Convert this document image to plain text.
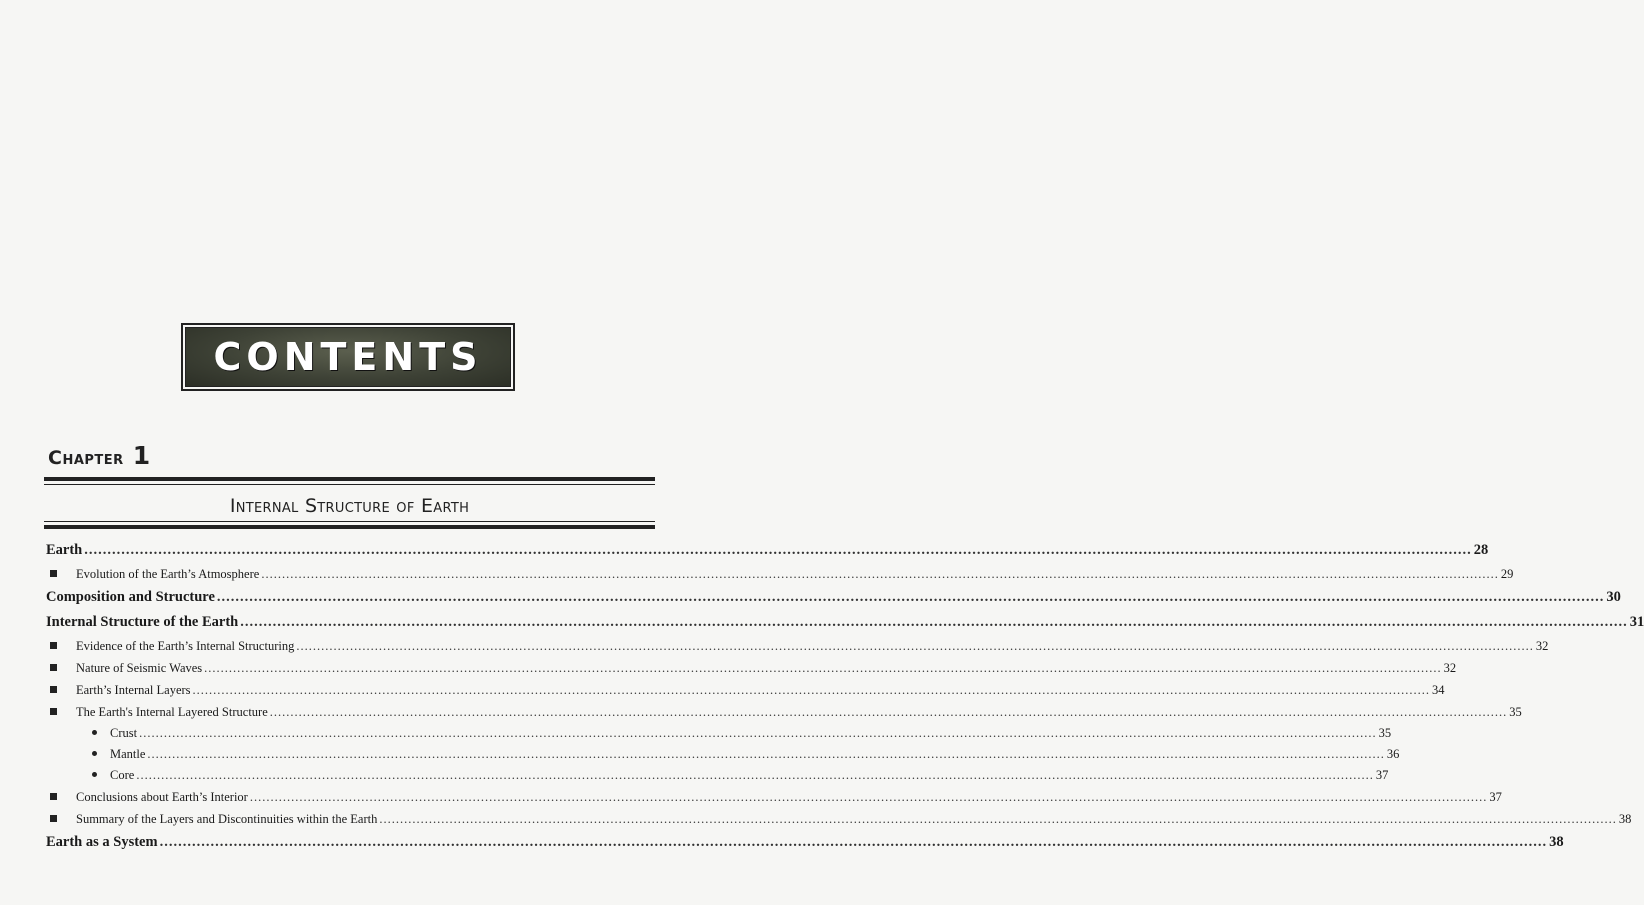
CONTENTS
Chapter 1
Internal Structure of Earth
Earth ............................................................................................................................................................................................................................................................................................................ 28
Evolution of the Earth’s Atmosphere ............................................................................................................................................................................................................................................................................................................ 29
Composition and Structure ............................................................................................................................................................................................................................................................................................................ 30
Internal Structure of the Earth ............................................................................................................................................................................................................................................................................................................ 31
Evidence of the Earth’s Internal Structuring ............................................................................................................................................................................................................................................................................................................ 32
Nature of Seismic Waves ............................................................................................................................................................................................................................................................................................................ 32
Earth’s Internal Layers ............................................................................................................................................................................................................................................................................................................ 34
The Earth's Internal Layered Structure ............................................................................................................................................................................................................................................................................................................ 35
Crust ............................................................................................................................................................................................................................................................................................................ 35
Mantle ............................................................................................................................................................................................................................................................................................................ 36
Core ............................................................................................................................................................................................................................................................................................................ 37
Conclusions about Earth’s Interior ............................................................................................................................................................................................................................................................................................................ 37
Summary of the Layers and Discontinuities within the Earth ............................................................................................................................................................................................................................................................................................................ 38
Earth as a System ............................................................................................................................................................................................................................................................................................................ 38
